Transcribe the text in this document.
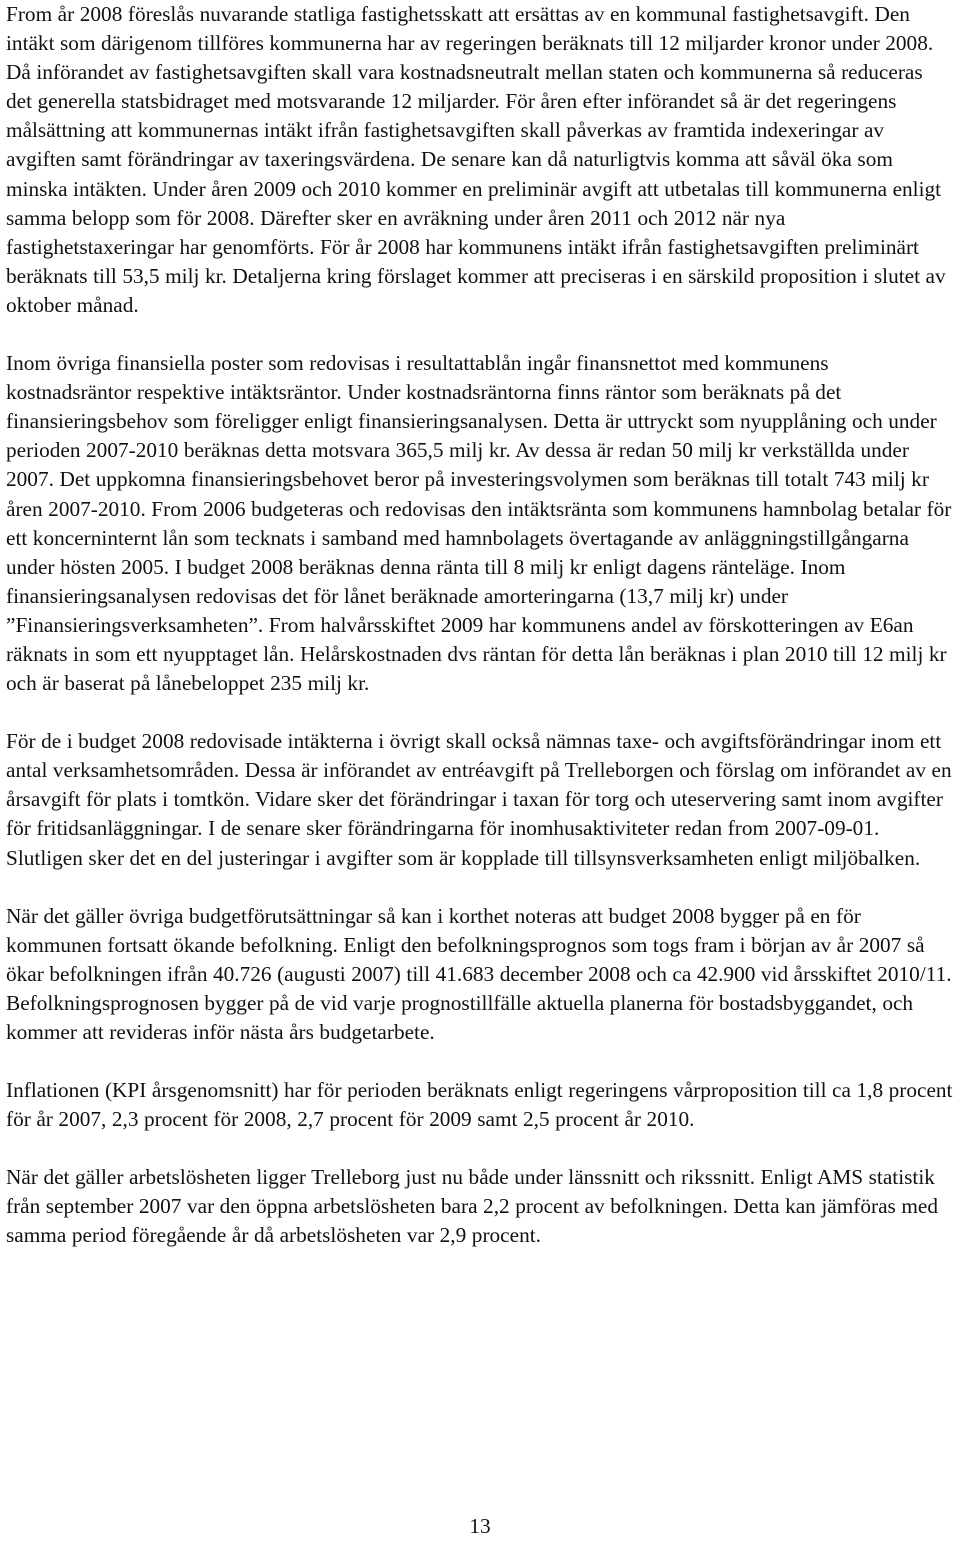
From år 2008 föreslås nuvarande statliga fastighetsskatt att ersättas av en kommunal fastighetsavgift. Den intäkt som därigenom tillföres kommunerna har av regeringen beräknats till 12 miljarder kronor under 2008. Då införandet av fastighetsavgiften skall vara kostnadsneutralt mellan staten och kommunerna så reduceras det generella statsbidraget med motsvarande 12 miljarder. För åren efter införandet så är det regeringens målsättning att kommunernas intäkt ifrån fastighetsavgiften skall påverkas av framtida indexeringar av avgiften samt förändringar av taxeringsvärdena. De senare kan då naturligtvis komma att såväl öka som minska intäkten. Under åren 2009 och 2010 kommer en preliminär avgift att utbetalas till kommunerna enligt samma belopp som för 2008. Därefter sker en avräkning under åren 2011 och 2012 när nya fastighetstaxeringar har genomförts. För år 2008 har kommunens intäkt ifrån fastighetsavgiften preliminärt beräknats till 53,5 milj kr. Detaljerna kring förslaget kommer att preciseras i en särskild proposition i slutet av oktober månad.

Inom övriga finansiella poster som redovisas i resultattablån ingår finansnettot med kommunens kostnadsräntor respektive intäktsräntor. Under kostnadsräntorna finns räntor som beräknats på det finansieringsbehov som föreligger enligt finansieringsanalysen. Detta är uttryckt som nyupplåning och under perioden 2007-2010 beräknas detta motsvara 365,5 milj kr. Av dessa är redan 50 milj kr verkställda under 2007. Det uppkomna finansieringsbehovet beror på investeringsvolymen som beräknas till totalt 743 milj kr åren 2007-2010. From 2006 budgeteras och redovisas den intäktsränta som kommunens hamnbolag betalar för ett koncerninternt lån som tecknats i samband med hamnbolagets övertagande av anläggningstillgångarna under hösten 2005. I budget 2008 beräknas denna ränta till 8 milj kr enligt dagens ränteläge. Inom finansieringsanalysen redovisas det för lånet beräknade amorteringarna (13,7 milj kr) under ”Finansieringsverksamheten”. From halvårsskiftet 2009 har kommunens andel av förskotteringen av E6an räknats in som ett nyupptaget lån. Helårskostnaden dvs räntan för detta lån beräknas i plan 2010 till 12 milj kr och är baserat på lånebeloppet 235 milj kr.

För de i budget 2008 redovisade intäkterna i övrigt skall också nämnas taxe- och avgiftsförändringar inom ett antal verksamhetsområden. Dessa är införandet av entréavgift på Trelleborgen och förslag om införandet av en årsavgift för plats i tomtkön. Vidare sker det förändringar i taxan för torg och uteservering samt inom avgifter för fritidsanläggningar. I de senare sker förändringarna för inomhusaktiviteter redan from 2007-09-01. Slutligen sker det en del justeringar i avgifter som är kopplade till tillsynsverksamheten enligt miljöbalken.

När det gäller övriga budgetförutsättningar så kan i korthet noteras att budget 2008 bygger på en för kommunen fortsatt ökande befolkning. Enligt den befolkningsprognos som togs fram i början av år 2007 så ökar befolkningen ifrån 40.726 (augusti 2007) till 41.683 december 2008 och ca 42.900 vid årsskiftet 2010/11. Befolkningsprognosen bygger på de vid varje prognostillfälle aktuella planerna för bostadsbyggandet, och kommer att revideras inför nästa års budgetarbete.

Inflationen (KPI årsgenomsnitt) har för perioden beräknats enligt regeringens vårproposition till ca 1,8 procent för år 2007, 2,3 procent för 2008, 2,7 procent för 2009 samt 2,5 procent år 2010.

När det gäller arbetslösheten ligger Trelleborg just nu både under länssnitt och rikssnitt. Enligt AMS statistik från september 2007 var den öppna arbetslösheten bara 2,2 procent av befolkningen. Detta kan jämföras med samma period föregående år då arbetslösheten var 2,9 procent.

13
